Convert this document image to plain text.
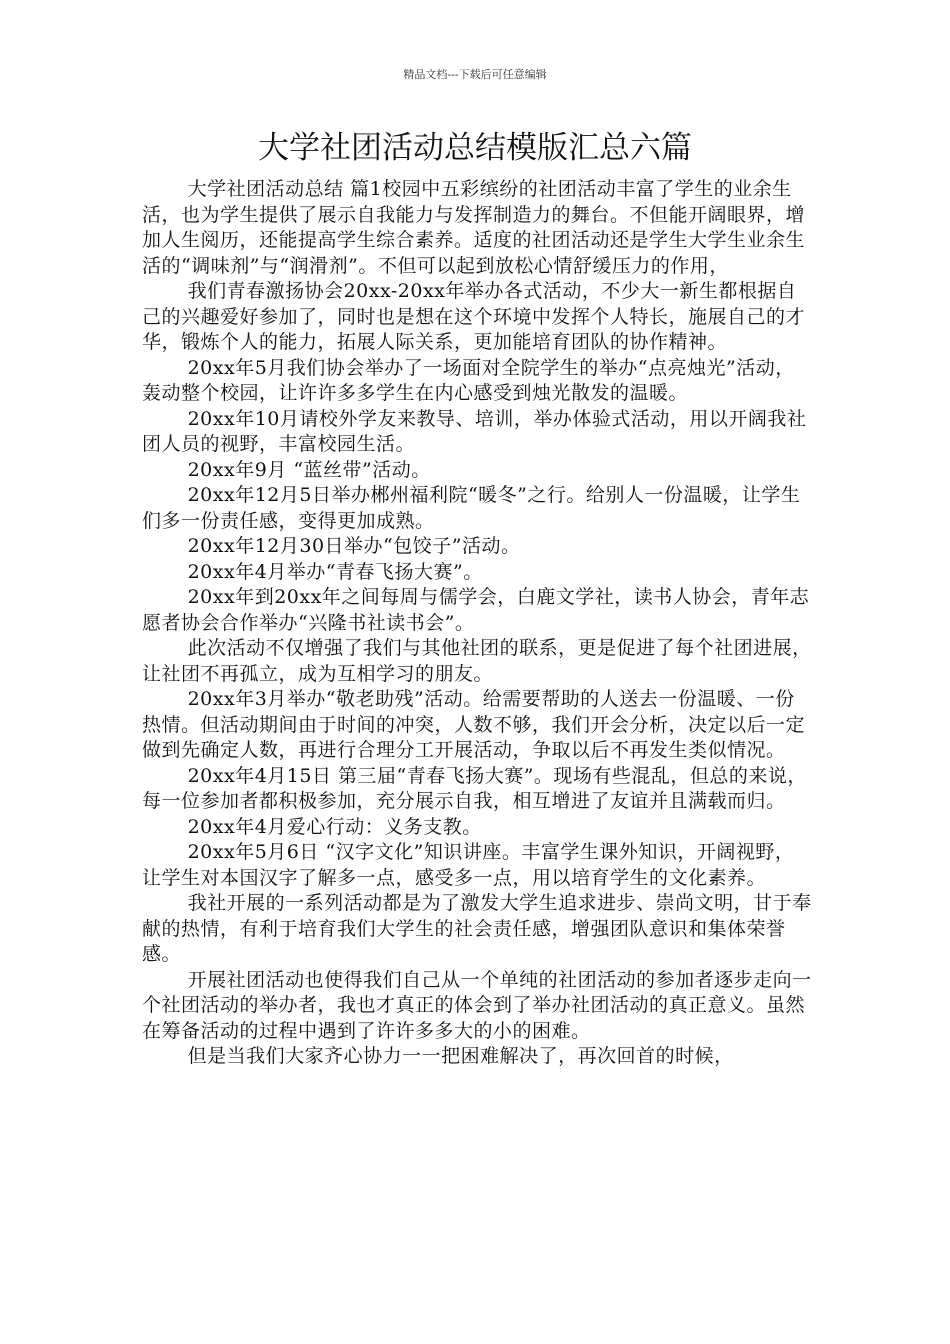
精品文档---下载后可任意编辑
大学社团活动总结模版汇总六篇

大学社团活动总结 篇1校园中五彩缤纷的社团活动丰富了学生的业余生活，也为学生提供了展示自我能力与发挥制造力的舞台。不但能开阔眼界，增加人生阅历，还能提高学生综合素养。适度的社团活动还是学生大学生业余生活的“调味剂”与“润滑剂”。不但可以起到放松心情舒缓压力的作用，

我们青春激扬协会20xx-20xx年举办各式活动，不少大一新生都根据自己的兴趣爱好参加了，同时也是想在这个环境中发挥个人特长，施展自己的才华，锻炼个人的能力，拓展人际关系，更加能培育团队的协作精神。

20xx年5月我们协会举办了一场面对全院学生的举办“点亮烛光”活动，轰动整个校园，让许许多多学生在内心感受到烛光散发的温暖。

20xx年10月请校外学友来教导、培训，举办体验式活动，用以开阔我社团人员的视野，丰富校园生活。

20xx年9月 “蓝丝带”活动。

20xx年12月5日举办郴州福利院“暖冬”之行。给别人一份温暖，让学生们多一份责任感，变得更加成熟。

20xx年12月30日举办“包饺子”活动。

20xx年4月举办“青春飞扬大赛”。

20xx年到20xx年之间每周与儒学会，白鹿文学社，读书人协会，青年志愿者协会合作举办“兴隆书社读书会”。

此次活动不仅增强了我们与其他社团的联系，更是促进了每个社团进展，让社团不再孤立，成为互相学习的朋友。

20xx年3月举办“敬老助残”活动。给需要帮助的人送去一份温暖、一份热情。但活动期间由于时间的冲突，人数不够，我们开会分析，决定以后一定做到先确定人数，再进行合理分工开展活动，争取以后不再发生类似情况。

20xx年4月15日 第三届“青春飞扬大赛”。现场有些混乱，但总的来说，每一位参加者都积极参加，充分展示自我，相互增进了友谊并且满载而归。

20xx年4月爱心行动：义务支教。

20xx年5月6日 “汉字文化”知识讲座。丰富学生课外知识，开阔视野，让学生对本国汉字了解多一点，感受多一点，用以培育学生的文化素养。

我社开展的一系列活动都是为了激发大学生追求进步、崇尚文明，甘于奉献的热情，有利于培育我们大学生的社会责任感，增强团队意识和集体荣誉感。

开展社团活动也使得我们自己从一个单纯的社团活动的参加者逐步走向一个社团活动的举办者，我也才真正的体会到了举办社团活动的真正意义。虽然在筹备活动的过程中遇到了许许多多大的小的困难。

但是当我们大家齐心协力一一把困难解决了，再次回首的时候，
